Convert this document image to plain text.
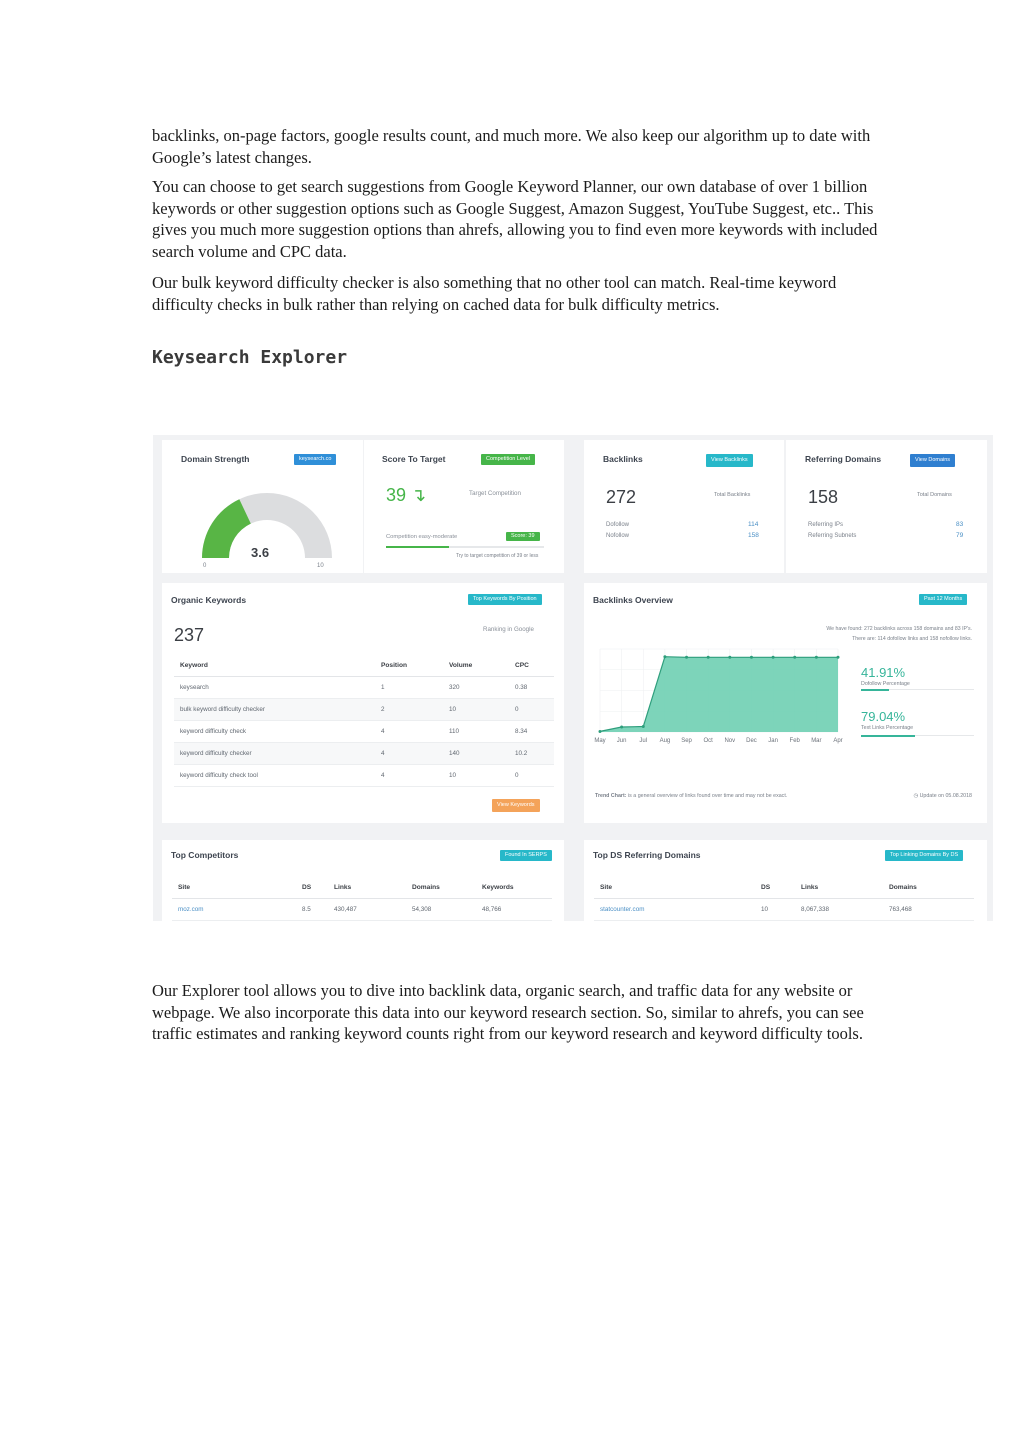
backlinks, on-page factors, google results count, and much more. We also keep our algorithm up to date with Google’s latest changes.

You can choose to get search suggestions from Google Keyword Planner, our own database of over 1 billion keywords or other suggestion options such as Google Suggest, Amazon Suggest, YouTube Suggest, etc.. This gives you much more suggestion options than ahrefs, allowing you to find even more keywords with included search volume and CPC data.

Our bulk keyword difficulty checker is also something that no other tool can match. Real-time keyword difficulty checks in bulk rather than relying on cached data for bulk difficulty metrics.

Keysearch Explorer
Domain Strength	keysearch.co
3.6
0	10
Score To Target	Competition Level
39 ↴	Target Competition
Competition easy-moderate	Score: 39
Try to target competition of 39 or less
Backlinks	View Backlinks
272	Total Backlinks
Dofollow	114
Nofollow	158
Referring Domains	View Domains
158	Total Domains
Referring IPs	83
Referring Subnets	79
Organic Keywords	Top Keywords By Position
237	Ranking in Google
Keyword	Position	Volume	CPC
keysearch	1	320	0.38
bulk keyword difficulty checker	2	10	0
keyword difficulty check	4	110	8.34
keyword difficulty checker	4	140	10.2
keyword difficulty check tool	4	10	0
View Keywords
Backlinks Overview	Past 12 Months
We have found: 272 backlinks across 158 domains and 83 IP's.
There are: 114 dofollow links and 158 nofollow links.
May Jun Jul Aug Sep Oct Nov Dec Jan Feb Mar Apr
41.91%
Dofollow Percentage
79.04%
Text Links Percentage
Trend Chart: is a general overview of links found over time and may not be exact.	◷ Update on 05.08.2018
Top Competitors	Found In SERPS
Site	DS	Links	Domains	Keywords
moz.com	8.5	430,487	54,308	48,766
Top DS Referring Domains	Top Linking Domains By DS
Site	DS	Links	Domains
statcounter.com	10	8,067,338	763,468

Our Explorer tool allows you to dive into backlink data, organic search, and traffic data for any website or webpage. We also incorporate this data into our keyword research section. So, similar to ahrefs, you can see traffic estimates and ranking keyword counts right from our keyword research and keyword difficulty tools.
